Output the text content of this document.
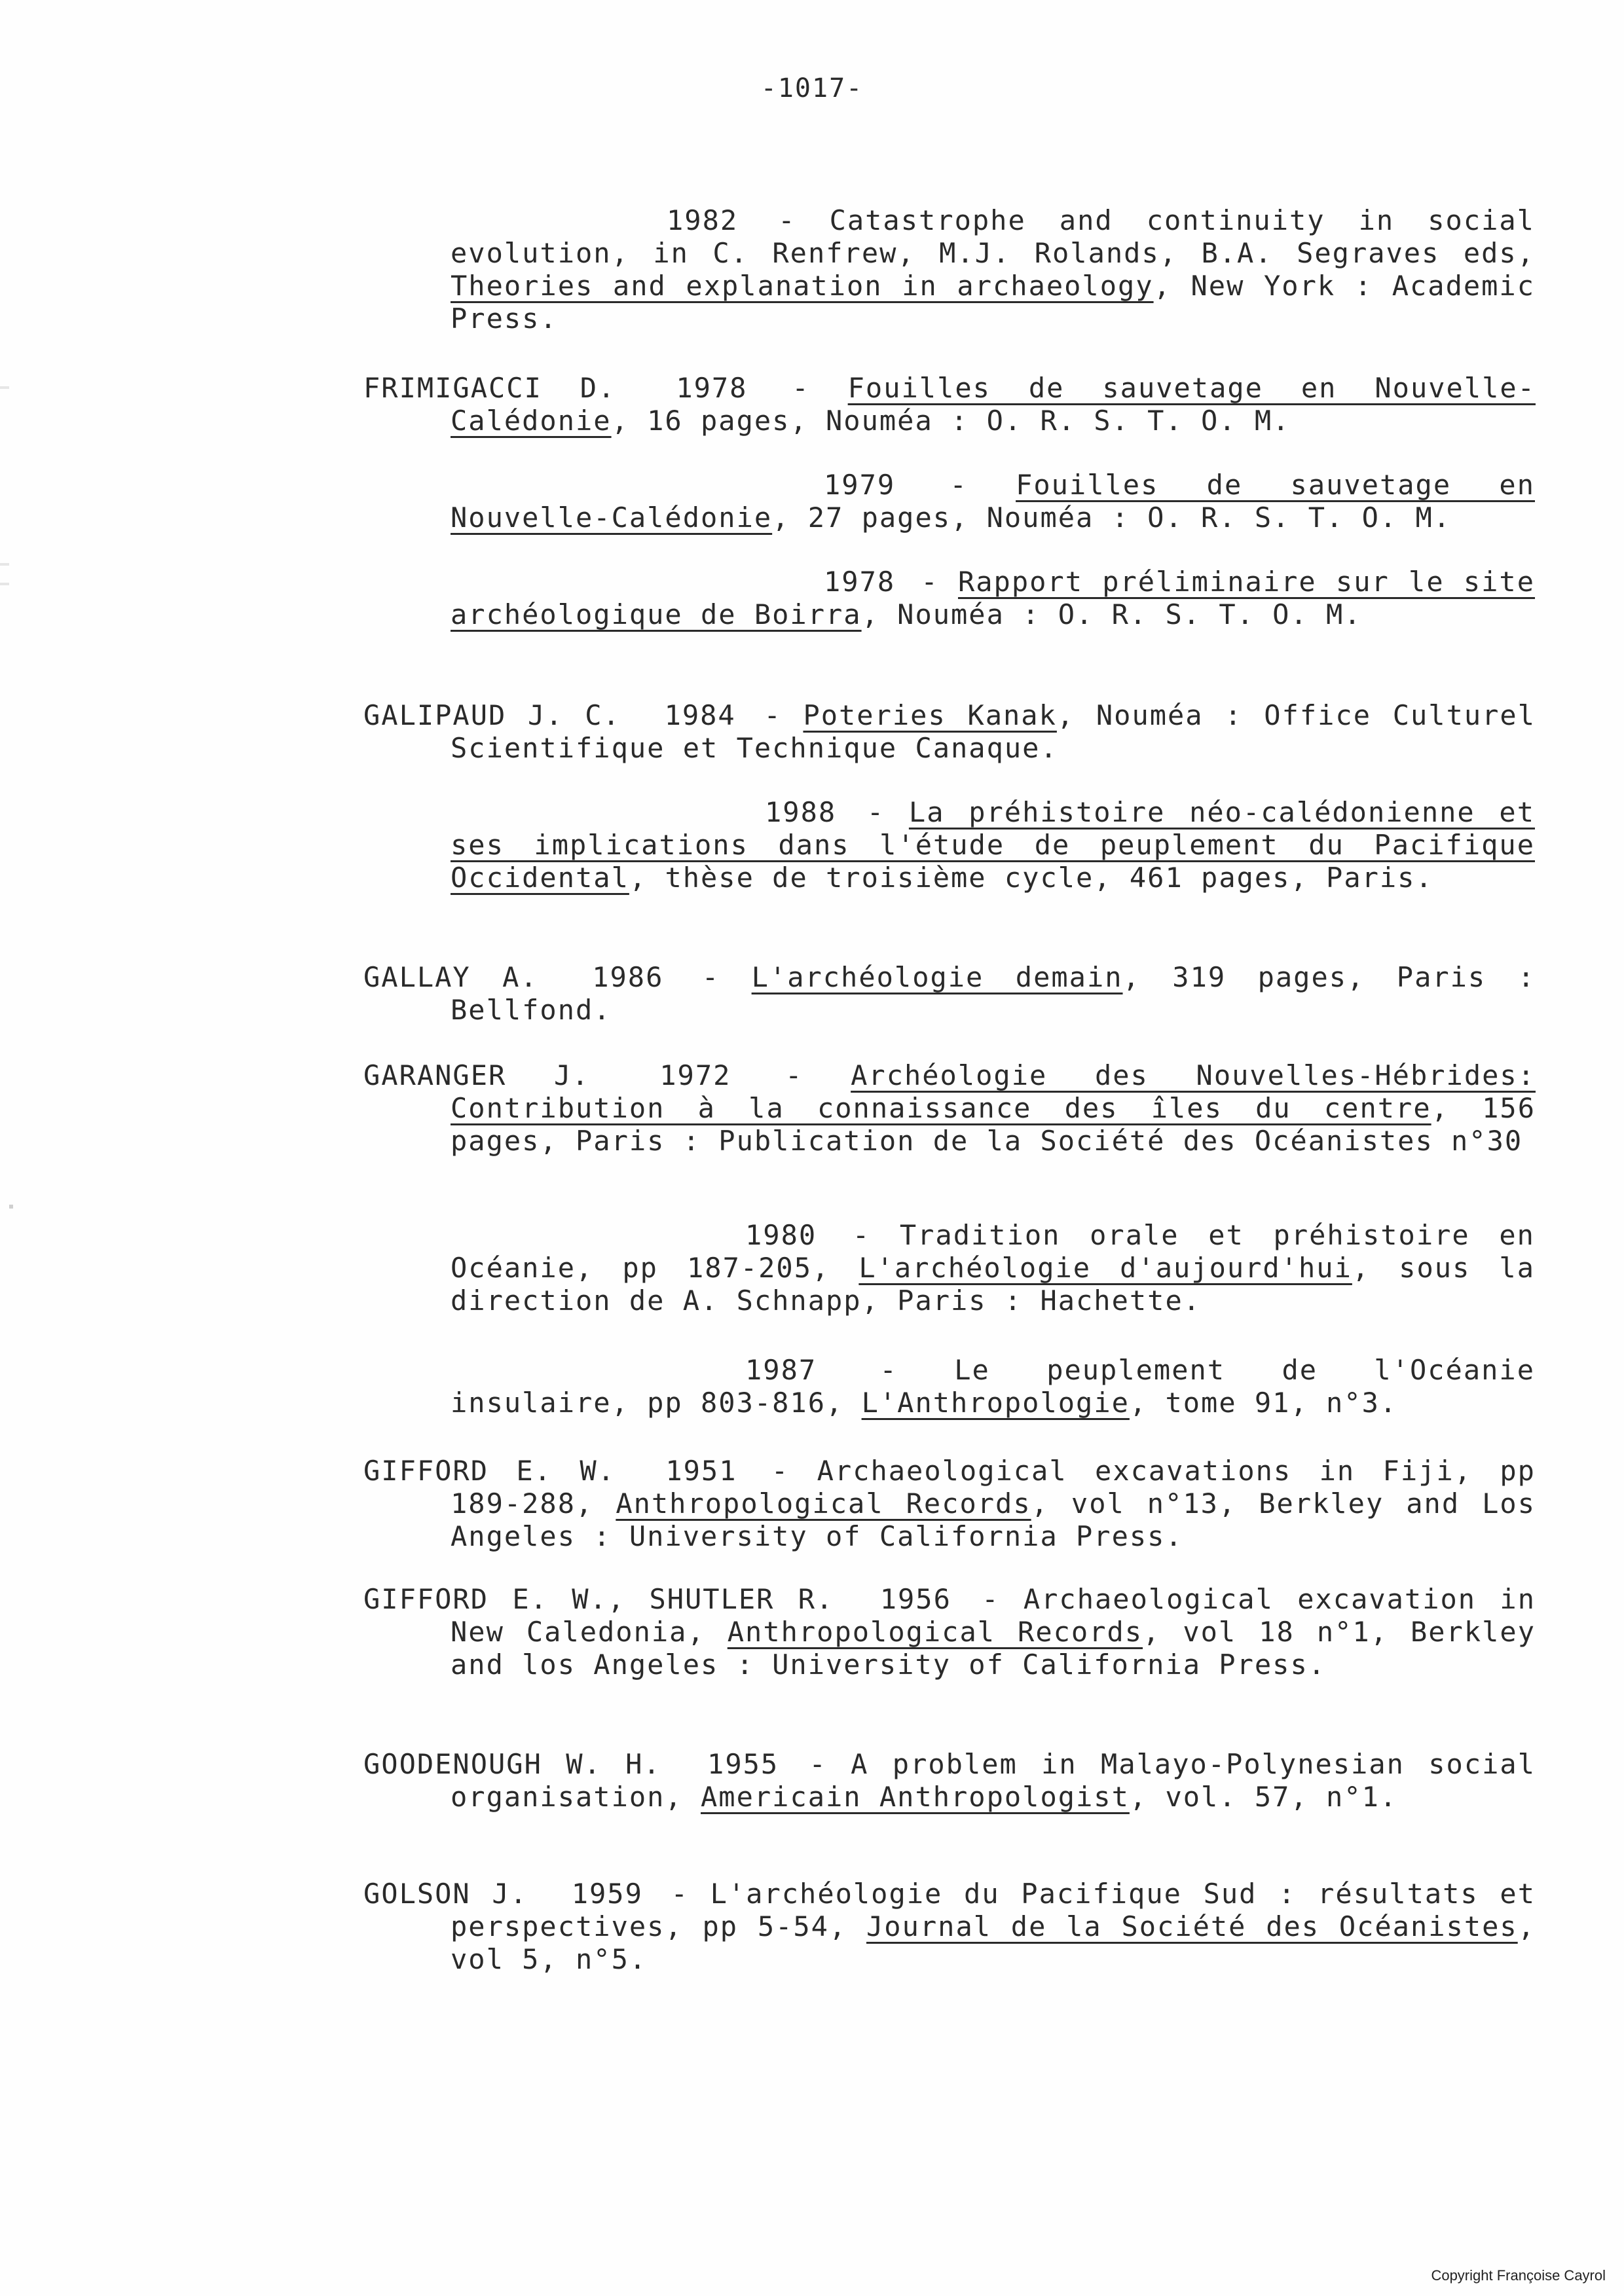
-1017-
1982 - Catastrophe and continuity in social evolution, in C. Renfrew, M.J. Rolands, B.A. Segraves eds, Theories and explanation in archaeology, New York : Academic Press.
FRIMIGACCI D. 1978 - Fouilles de sauvetage en Nouvelle-Calédonie, 16 pages, Nouméa : O. R. S. T. O. M.
1979 - Fouilles de sauvetage en Nouvelle-Calédonie, 27 pages, Nouméa : O. R. S. T. O. M.
1978 - Rapport préliminaire sur le site archéologique de Boirra, Nouméa : O. R. S. T. O. M.
GALIPAUD J. C. 1984 - Poteries Kanak, Nouméa : Office Culturel Scientifique et Technique Canaque.
1988 - La préhistoire néo-calédonienne et ses implications dans l'étude de peuplement du Pacifique Occidental, thèse de troisième cycle, 461 pages, Paris.
GALLAY A. 1986 - L'archéologie demain, 319 pages, Paris : Bellfond.
GARANGER J.	1972 - Archéologie des Nouvelles-Hébrides: Contribution à la connaissance des îles du centre, 156 pages, Paris : Publication de la Société des Océanistes n°30
1980 - Tradition orale et préhistoire en Océanie, pp 187-205, L'archéologie d'aujourd'hui, sous la direction de A. Schnapp, Paris : Hachette.
1987 - Le peuplement de l'Océanie insulaire, pp 803-816, L'Anthropologie, tome 91, n°3.
GIFFORD E. W. 1951 - Archaeological excavations in Fiji, pp 189-288, Anthropological Records, vol n°13, Berkley and Los Angeles : University of California Press.
GIFFORD E. W., SHUTLER R. 1956 - Archaeological excavation in New Caledonia, Anthropological Records, vol 18 n°1, Berkley and los Angeles : University of California Press.
GOODENOUGH W. H. 1955 - A problem in Malayo-Polynesian social organisation, Americain Anthropologist, vol. 57, n°1.
GOLSON J. 1959 - L'archéologie du Pacifique Sud : résultats et perspectives, pp 5-54, Journal de la Société des Océanistes, vol 5, n°5.
Copyright Françoise Cayrol
